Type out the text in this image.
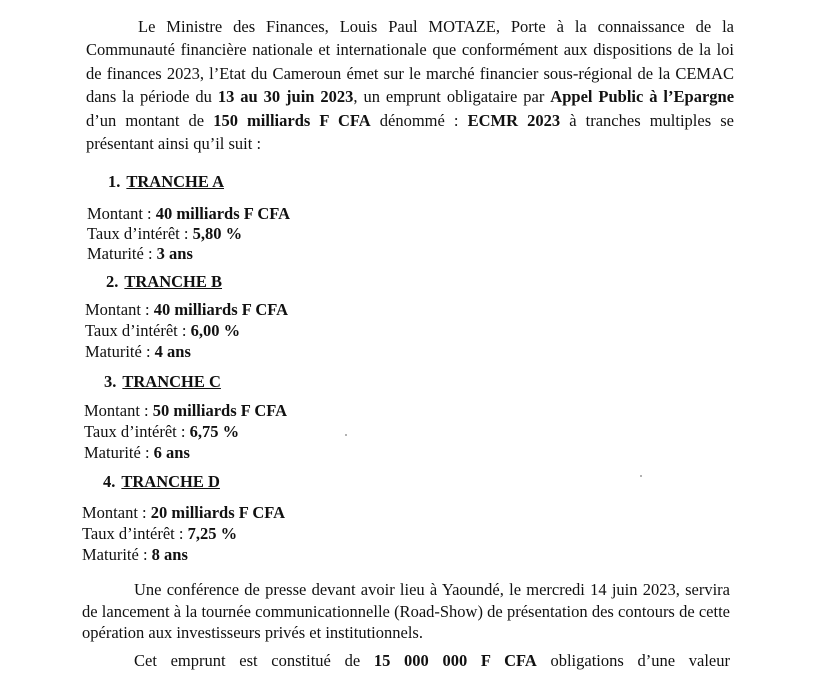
Le Ministre des Finances, Louis Paul MOTAZE, Porte à la connaissance de la Communauté financière nationale et internationale que conformément aux dispositions de la loi de finances 2023, l’Etat du Cameroun émet sur le marché financier sous-régional de la CEMAC dans la période du 13 au 30 juin 2023, un emprunt obligataire par Appel Public à l’Epargne d’un montant de 150 milliards F CFA dénommé : ECMR 2023 à tranches multiples se présentant ainsi qu’il suit :

1. TRANCHE A

Montant : 40 milliards F CFA

Taux d’intérêt : 5,80 %

Maturité : 3 ans

2. TRANCHE B

Montant : 40 milliards F CFA

Taux d’intérêt : 6,00 %

Maturité : 4 ans

3. TRANCHE C

Montant : 50 milliards F CFA

Taux d’intérêt : 6,75 %

Maturité : 6 ans

4. TRANCHE D

Montant : 20 milliards F CFA

Taux d’intérêt : 7,25 %

Maturité : 8 ans

Une conférence de presse devant avoir lieu à Yaoundé, le mercredi 14 juin 2023, servira de lancement à la tournée communicationnelle (Road-Show) de présentation des contours de cette opération aux investisseurs privés et institutionnels.

Cet emprunt est constitué de 15 000 000 F CFA obligations d’une valeur
